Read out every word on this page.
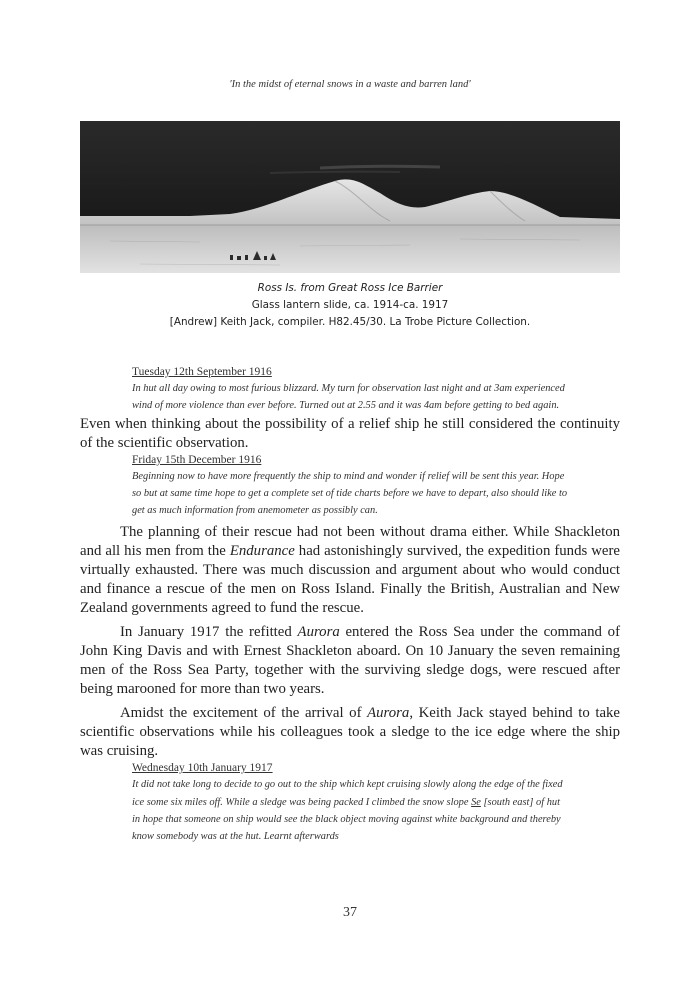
'In the midst of eternal snows in a waste and barren land'
Ross Is. from Great Ross Ice Barrier
Glass lantern slide, ca. 1914-ca. 1917
[Andrew] Keith Jack, compiler. H82.45/30. La Trobe Picture Collection.
Tuesday 12th September 1916
In hut all day owing to most furious blizzard. My turn for observation last night and at 3am experienced wind of more violence than ever before. Turned out at 2.55 and it was 4am before getting to bed again.

Even when thinking about the possibility of a relief ship he still considered the continuity of the scientific observation.

Friday 15th December 1916
Beginning now to have more frequently the ship to mind and wonder if relief will be sent this year. Hope so but at same time hope to get a complete set of tide charts before we have to depart, also should like to get as much information from anemometer as possibly can.

The planning of their rescue had not been without drama either. While Shackleton and all his men from the Endurance had astonishingly survived, the expedition funds were virtually exhausted. There was much discussion and argument about who would conduct and finance a rescue of the men on Ross Island. Finally the British, Australian and New Zealand governments agreed to fund the rescue.

In January 1917 the refitted Aurora entered the Ross Sea under the command of John King Davis and with Ernest Shackleton aboard. On 10 January the seven remaining men of the Ross Sea Party, together with the surviving sledge dogs, were rescued after being marooned for more than two years.

Amidst the excitement of the arrival of Aurora, Keith Jack stayed behind to take scientific observations while his colleagues took a sledge to the ice edge where the ship was cruising.

Wednesday 10th January 1917
It did not take long to decide to go out to the ship which kept cruising slowly along the edge of the fixed ice some six miles off. While a sledge was being packed I climbed the snow slope Se [south east] of hut in hope that someone on ship would see the black object moving against white background and thereby know somebody was at the hut. Learnt afterwards
37
